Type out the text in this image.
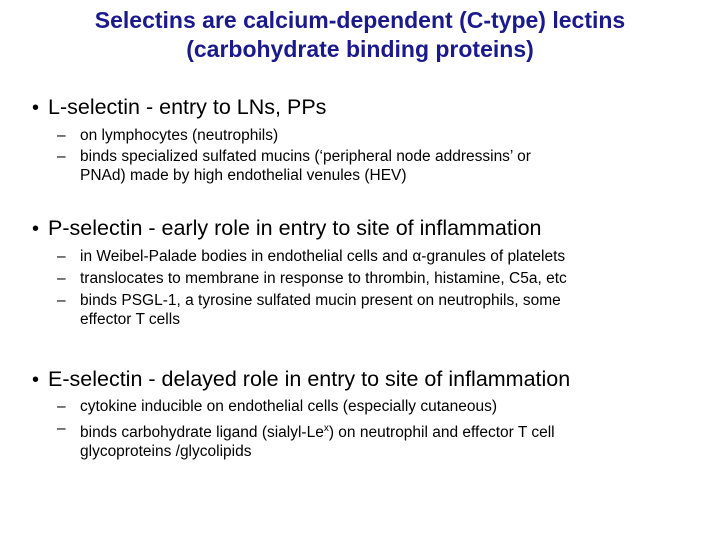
Selectins are calcium-dependent (C-type) lectins
(carbohydrate binding proteins)
• L-selectin - entry to LNs, PPs
– on lymphocytes (neutrophils)
– binds specialized sulfated mucins (‘peripheral node addressins’ or
PNAd) made by high endothelial venules (HEV)
• P-selectin - early role in entry to site of inflammation
– in Weibel-Palade bodies in endothelial cells and α-granules of platelets
– translocates to membrane in response to thrombin, histamine, C5a, etc
– binds PSGL-1, a tyrosine sulfated mucin present on neutrophils, some
effector T cells
• E-selectin - delayed role in entry to site of inflammation
– cytokine inducible on endothelial cells (especially cutaneous)
– binds carbohydrate ligand (sialyl-Le$^x$) on neutrophil and effector T cell
glycoproteins /glycolipids
